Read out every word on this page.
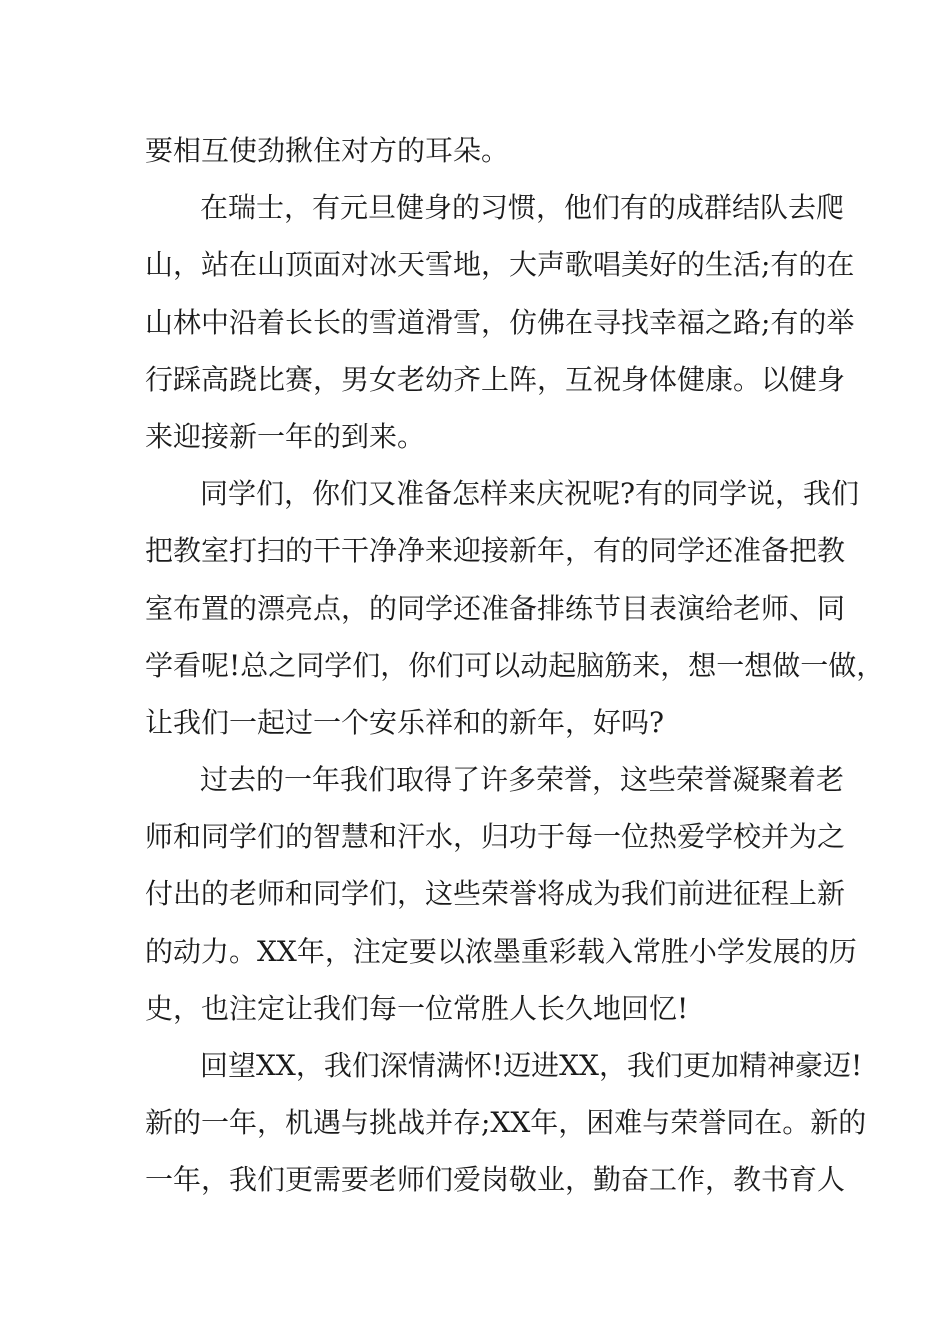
要相互使劲揪住对方的耳朵。
在瑞士，有元旦健身的习惯，他们有的成群结队去爬
山，站在山顶面对冰天雪地，大声歌唱美好的生活;有的在
山林中沿着长长的雪道滑雪，仿佛在寻找幸福之路;有的举
行踩高跷比赛，男女老幼齐上阵，互祝身体健康。以健身
来迎接新一年的到来。
同学们，你们又准备怎样来庆祝呢?有的同学说，我们
把教室打扫的干干净净来迎接新年，有的同学还准备把教
室布置的漂亮点，的同学还准备排练节目表演给老师、同
学看呢!总之同学们，你们可以动起脑筋来，想一想做一做，
让我们一起过一个安乐祥和的新年，好吗?
过去的一年我们取得了许多荣誉，这些荣誉凝聚着老
师和同学们的智慧和汗水，归功于每一位热爱学校并为之
付出的老师和同学们，这些荣誉将成为我们前进征程上新
的动力。XX年，注定要以浓墨重彩载入常胜小学发展的历
史，也注定让我们每一位常胜人长久地回忆!
回望XX，我们深情满怀!迈进XX，我们更加精神豪迈!
新的一年，机遇与挑战并存;XX年，困难与荣誉同在。新的
一年，我们更需要老师们爱岗敬业，勤奋工作，教书育人
